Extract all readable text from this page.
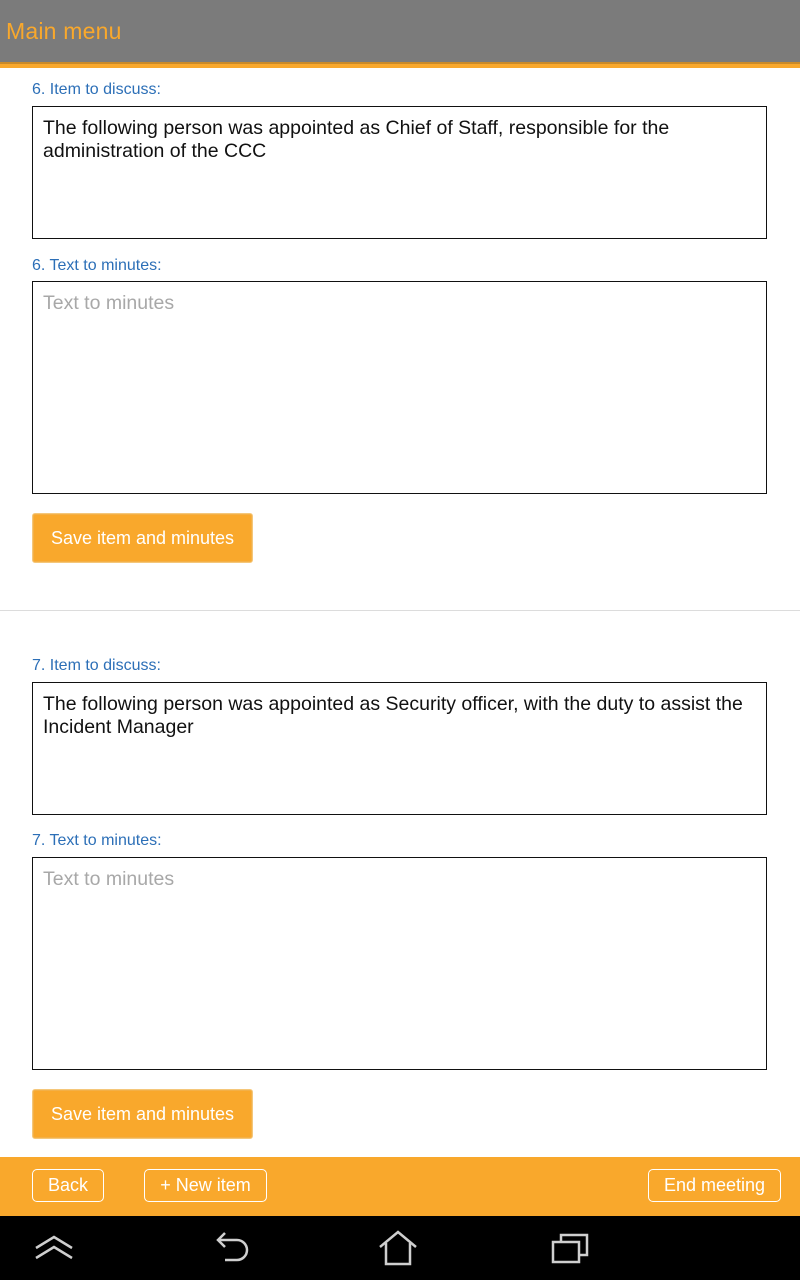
Main menu
6. Item to discuss:
The following person was appointed as Chief of Staff, responsible for the administration of the CCC
6. Text to minutes:
Text to minutes
Save item and minutes
7. Item to discuss:
The following person was appointed as Security officer, with the duty to assist the Incident Manager
7. Text to minutes:
Text to minutes
Save item and minutes
Back	+ New item	End meeting
